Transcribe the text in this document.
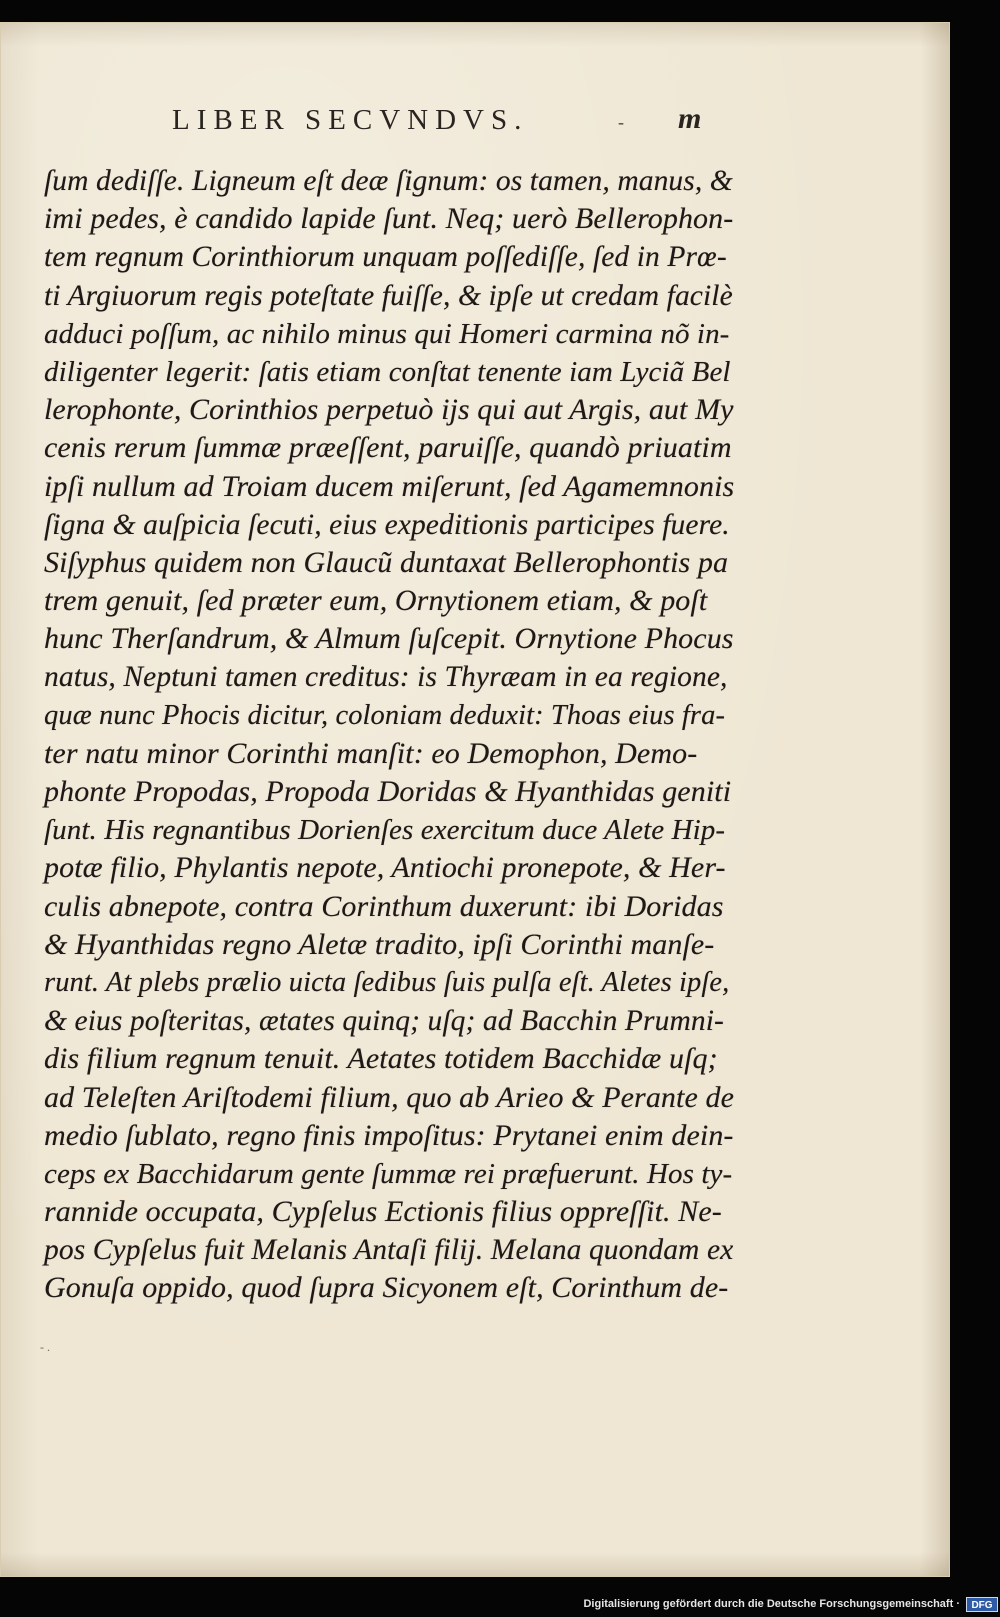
LIBER SECVNDVS.	- m
ſum dediſſe. Ligneum eſt deæ ſignum: os tamen, manus, &
imi pedes, è candido lapide ſunt. Neq; uerò Bellerophon-
tem regnum Corinthiorum unquam poſſediſſe, ſed in Prœ-
ti Argiuorum regis poteſtate fuiſſe, & ipſe ut credam facilè
adduci poſſum, ac nihilo minus qui Homeri carmina nõ in-
diligenter legerit: ſatis etiam conſtat tenente iam Lyciã Bel
lerophonte, Corinthios perpetuò ijs qui aut Argis, aut My
cenis rerum ſummæ præeſſent, paruiſſe, quandò priuatim
ipſi nullum ad Troiam ducem miſerunt, ſed Agamemnonis
ſigna & auſpicia ſecuti, eius expeditionis participes fuere.
Siſyphus quidem non Glaucũ duntaxat Bellerophontis pa
trem genuit, ſed præter eum, Ornytionem etiam, & poſt
hunc Therſandrum, & Almum ſuſcepit. Ornytione Phocus
natus, Neptuni tamen creditus: is Thyræam in ea regione,
quæ nunc Phocis dicitur, coloniam deduxit: Thoas eius fra-
ter natu minor Corinthi manſit: eo Demophon, Demo-
phonte Propodas, Propoda Doridas & Hyanthidas geniti
ſunt. His regnantibus Dorienſes exercitum duce Alete Hip-
potæ filio, Phylantis nepote, Antiochi pronepote, & Her-
culis abnepote, contra Corinthum duxerunt: ibi Doridas
& Hyanthidas regno Aletæ tradito, ipſi Corinthi manſe-
runt. At plebs prælio uicta ſedibus ſuis pulſa eſt. Aletes ipſe,
& eius poſteritas, ætates quinq; uſq; ad Bacchin Prumni-
dis filium regnum tenuit. Aetates totidem Bacchidæ uſq;
ad Teleſten Ariſtodemi filium, quo ab Arieo & Perante de
medio ſublato, regno finis impoſitus: Prytanei enim dein-
ceps ex Bacchidarum gente ſummæ rei præfuerunt. Hos ty-
rannide occupata, Cypſelus Ectionis filius oppreſſit. Ne-
pos Cypſelus fuit Melanis Antaſi filij. Melana quondam ex
Gonuſa oppido, quod ſupra Sicyonem eſt, Corinthum de-
- .
Digitalisierung gefördert durch die Deutsche Forschungsgemeinschaft ·	DFG
